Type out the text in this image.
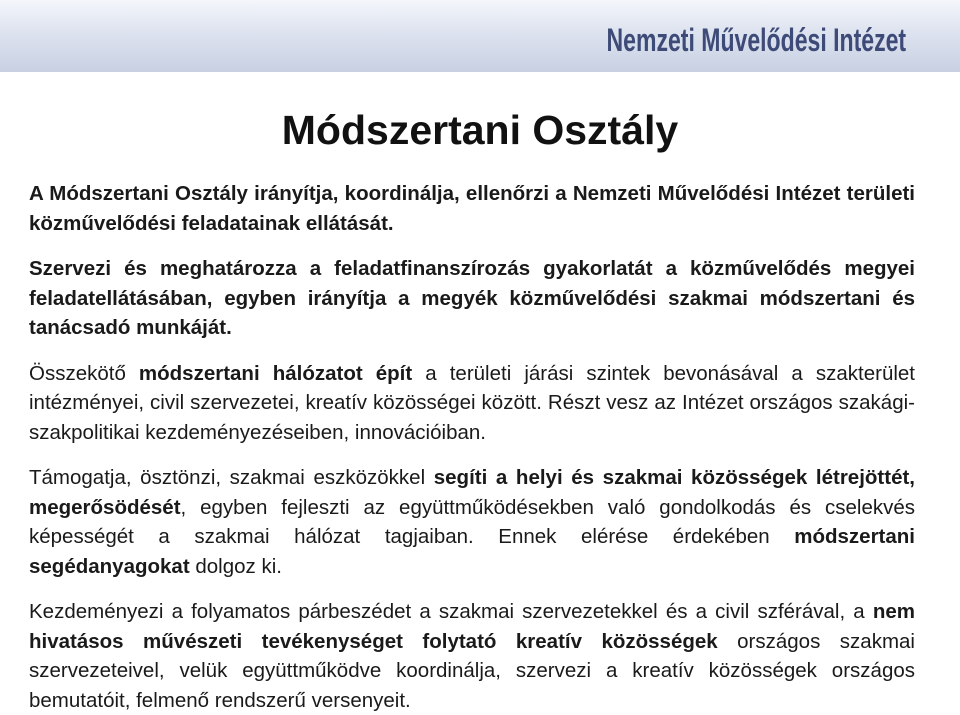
Nemzeti Művelődési Intézet
Módszertani Osztály

A Módszertani Osztály irányítja, koordinálja, ellenőrzi a Nemzeti Művelődési Intézet területi közművelődési feladatainak ellátását.

Szervezi és meghatározza a feladatfinanszírozás gyakorlatát a közművelődés megyei feladatellátásában, egyben irányítja a megyék közművelődési szakmai módszertani és tanácsadó munkáját.

Összekötő módszertani hálózatot épít a területi járási szintek bevonásával a szakterület intézményei, civil szervezetei, kreatív közösségei között. Részt vesz az Intézet országos szakági- szakpolitikai kezdeményezéseiben, innovációiban.

Támogatja, ösztönzi, szakmai eszközökkel segíti a helyi és szakmai közösségek létrejöttét, megerősödését, egyben fejleszti az együttműködésekben való gondolkodás és cselekvés képességét a szakmai hálózat tagjaiban. Ennek elérése érdekében módszertani segédanyagokat dolgoz ki.

Kezdeményezi a folyamatos párbeszédet a szakmai szervezetekkel és a civil szférával, a nem hivatásos művészeti tevékenységet folytató kreatív közösségek országos szakmai szervezeteivel, velük együttműködve koordinálja, szervezi a kreatív közösségek országos bemutatóit, felmenő rendszerű versenyeit.
